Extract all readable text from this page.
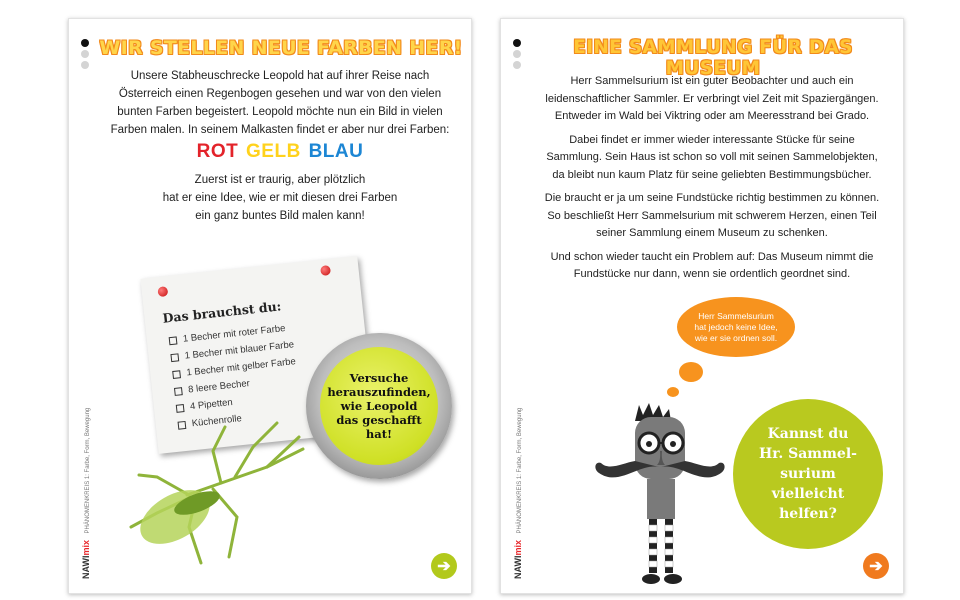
NAWImix PHÄNOMENKREIS 1: Farbe, Form, Bewegung
WIR STELLEN NEUE FARBEN HER!
Unsere Stabheuschrecke Leopold hat auf ihrer Reise nach
Österreich einen Regenbogen gesehen und war von den vielen
bunten Farben begeistert. Leopold möchte nun ein Bild in vielen
Farben malen. In seinem Malkasten findet er aber nur drei Farben:
ROT GELB BLAU
Zuerst ist er traurig, aber plötzlich
hat er eine Idee, wie er mit diesen drei Farben
ein ganz buntes Bild malen kann!
Das brauchst du:
1 Becher mit roter Farbe
1 Becher mit blauer Farbe
1 Becher mit gelber Farbe
8 leere Becher
4 Pipetten
Küchenrolle
Versuche
herauszufinden,
wie Leopold
das geschafft
hat!
➔	NAWImix PHÄNOMENKREIS 1: Farbe, Form, Bewegung
EINE SAMMLUNG FÜR DAS MUSEUM

Herr Sammelsurium ist ein guter Beobachter und auch ein
leidenschaftlicher Sammler. Er verbringt viel Zeit mit Spaziergängen.
Entweder im Wald bei Viktring oder am Meeresstrand bei Grado.

Dabei findet er immer wieder interessante Stücke für seine
Sammlung. Sein Haus ist schon so voll mit seinen Sammelobjekten,
da bleibt nun kaum Platz für seine geliebten Bestimmungsbücher.

Die braucht er ja um seine Fundstücke richtig bestimmen zu können.
So beschließt Herr Sammelsurium mit schwerem Herzen, einen Teil
seiner Sammlung einem Museum zu schenken.

Und schon wieder taucht ein Problem auf: Das Museum nimmt die
Fundstücke nur dann, wenn sie ordentlich geordnet sind.

Herr Sammelsurium
hat jedoch keine Idee,
wie er sie ordnen soll.
Kannst du
Hr. Sammel-
surium
vielleicht
helfen?
➔
